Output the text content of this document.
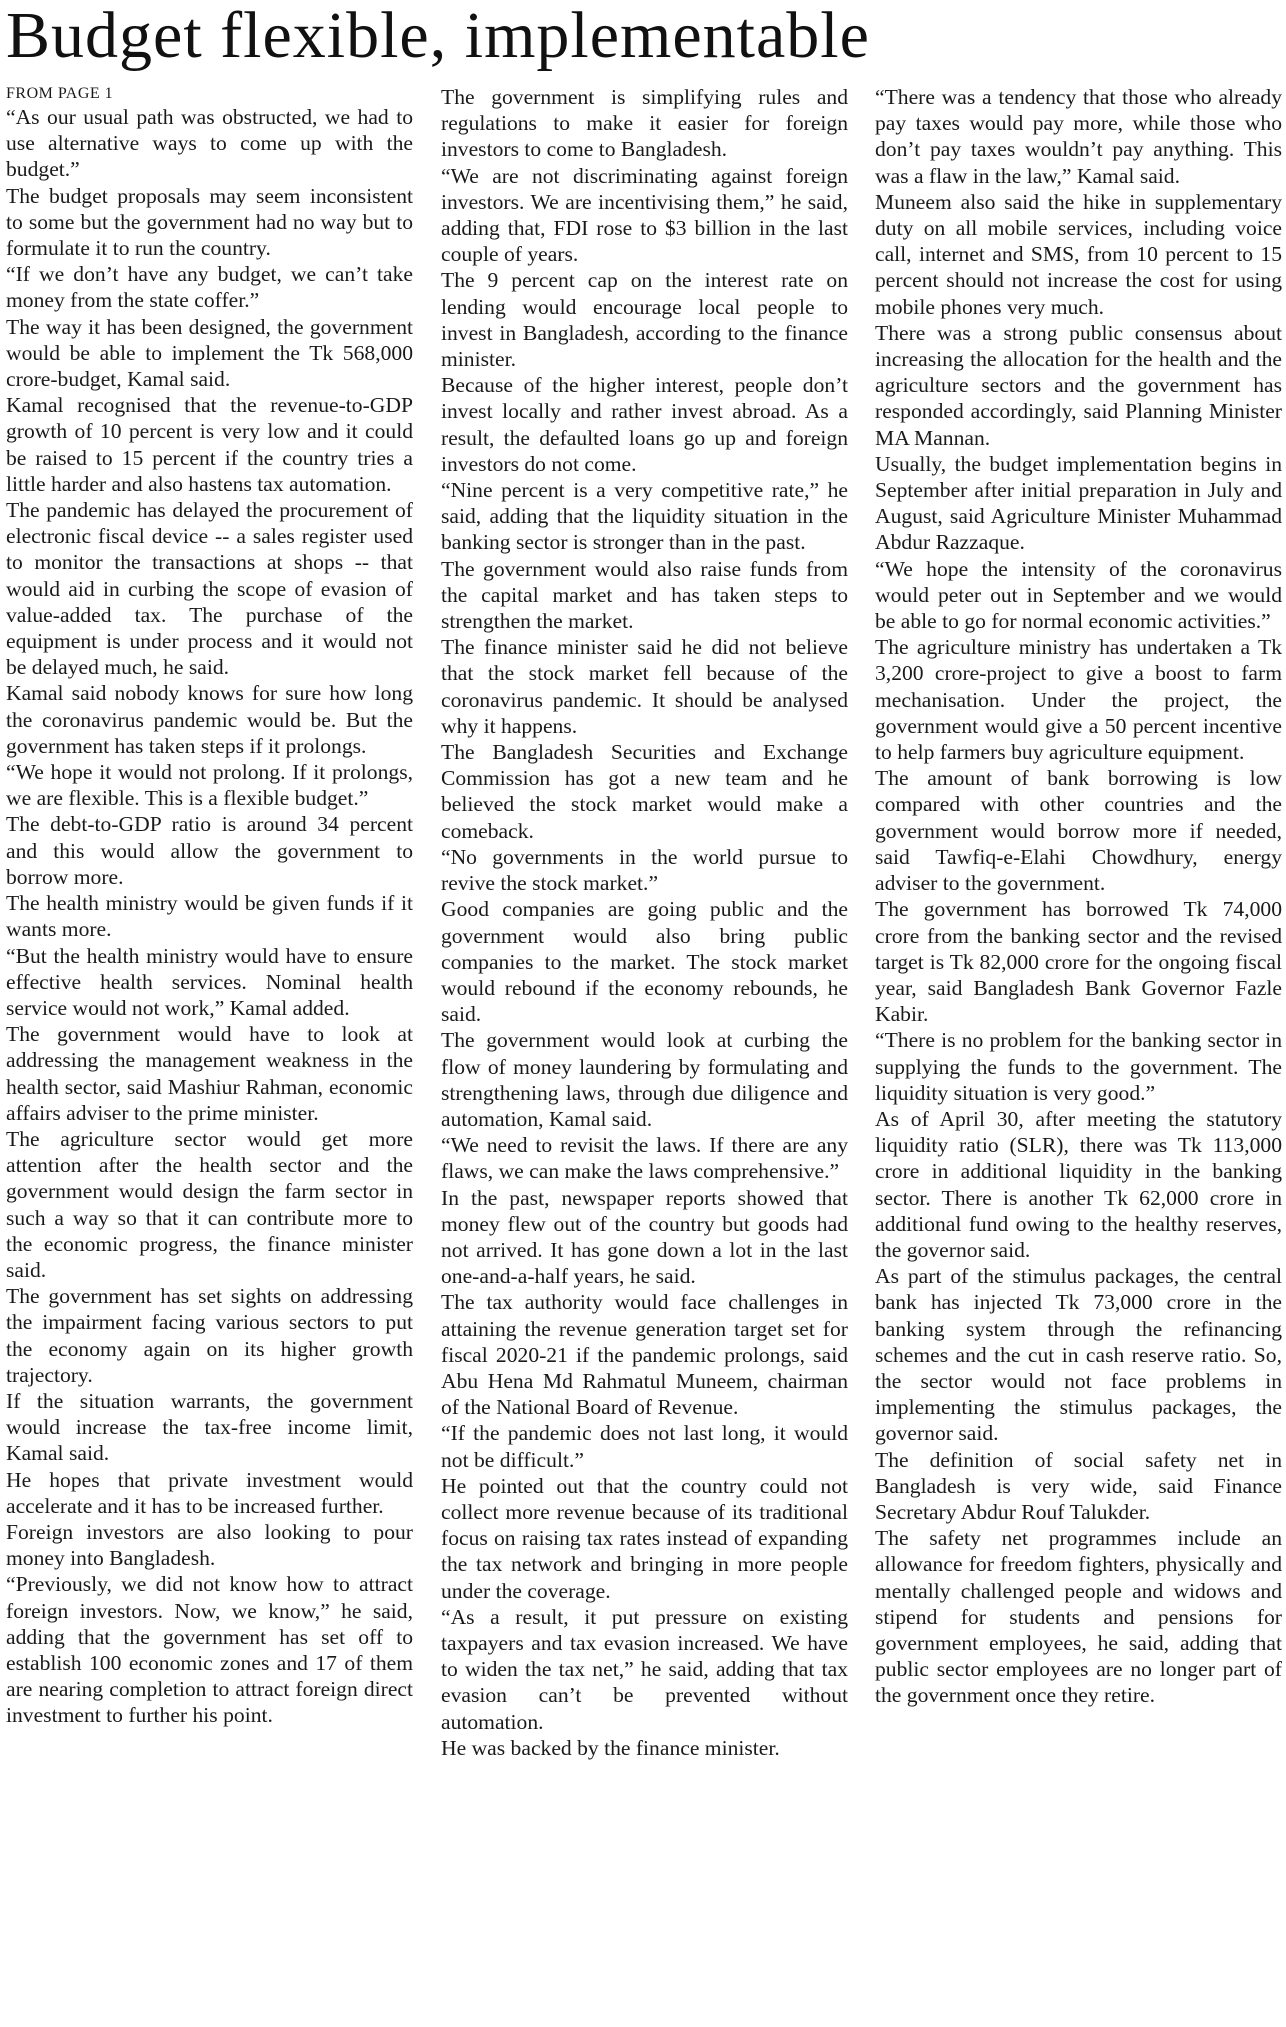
Budget flexible, implementable

FROM PAGE 1

“As our usual path was obstructed, we had to use alternative ways to come up with the budget.”

The budget proposals may seem inconsistent to some but the government had no way but to formulate it to run the country.

“If we don’t have any budget, we can’t take money from the state coffer.”

The way it has been designed, the government would be able to implement the Tk 568,000 crore-budget, Kamal said.

Kamal recognised that the revenue-to-GDP growth of 10 percent is very low and it could be raised to 15 percent if the country tries a little harder and also hastens tax automation.

The pandemic has delayed the procurement of electronic fiscal device -- a sales register used to monitor the transactions at shops -- that would aid in curbing the scope of evasion of value-added tax. The purchase of the equipment is under process and it would not be delayed much, he said.

Kamal said nobody knows for sure how long the coronavirus pandemic would be. But the government has taken steps if it prolongs.

“We hope it would not prolong. If it prolongs, we are flexible. This is a flexible budget.”

The debt-to-GDP ratio is around 34 percent and this would allow the government to borrow more.

The health ministry would be given funds if it wants more.

“But the health ministry would have to ensure effective health services. Nominal health service would not work,” Kamal added.

The government would have to look at addressing the management weakness in the health sector, said Mashiur Rahman, economic affairs adviser to the prime minister.

The agriculture sector would get more attention after the health sector and the government would design the farm sector in such a way so that it can contribute more to the economic progress, the finance minister said.

The government has set sights on addressing the impairment facing various sectors to put the economy again on its higher growth trajectory.

If the situation warrants, the government would increase the tax-free income limit, Kamal said.

He hopes that private investment would accelerate and it has to be increased further.

Foreign investors are also looking to pour money into Bangladesh.

“Previously, we did not know how to attract foreign investors. Now, we know,” he said, adding that the government has set off to establish 100 economic zones and 17 of them are nearing completion to attract foreign direct investment to further his point.

The government is simplifying rules and regulations to make it easier for foreign investors to come to Bangladesh.

“We are not discriminating against foreign investors. We are incentivising them,” he said, adding that, FDI rose to $3 billion in the last couple of years.

The 9 percent cap on the interest rate on lending would encourage local people to invest in Bangladesh, according to the finance minister.

Because of the higher interest, people don’t invest locally and rather invest abroad. As a result, the defaulted loans go up and foreign investors do not come.

“Nine percent is a very competitive rate,” he said, adding that the liquidity situation in the banking sector is stronger than in the past.

The government would also raise funds from the capital market and has taken steps to strengthen the market.

The finance minister said he did not believe that the stock market fell because of the coronavirus pandemic. It should be analysed why it happens.

The Bangladesh Securities and Exchange Commission has got a new team and he believed the stock market would make a comeback.

“No governments in the world pursue to revive the stock market.”

Good companies are going public and the government would also bring public companies to the market. The stock market would rebound if the economy rebounds, he said.

The government would look at curbing the flow of money laundering by formulating and strengthening laws, through due diligence and automation, Kamal said.

“We need to revisit the laws. If there are any flaws, we can make the laws comprehensive.”

In the past, newspaper reports showed that money flew out of the country but goods had not arrived. It has gone down a lot in the last one-and-a-half years, he said.

The tax authority would face challenges in attaining the revenue generation target set for fiscal 2020-21 if the pandemic prolongs, said Abu Hena Md Rahmatul Muneem, chairman of the National Board of Revenue.

“If the pandemic does not last long, it would not be difficult.”

He pointed out that the country could not collect more revenue because of its traditional focus on raising tax rates instead of expanding the tax network and bringing in more people under the coverage.

“As a result, it put pressure on existing taxpayers and tax evasion increased. We have to widen the tax net,” he said, adding that tax evasion can’t be prevented without automation.

He was backed by the finance minister.

“There was a tendency that those who already pay taxes would pay more, while those who don’t pay taxes wouldn’t pay anything. This was a flaw in the law,” Kamal said.

Muneem also said the hike in supplementary duty on all mobile services, including voice call, internet and SMS, from 10 percent to 15 percent should not increase the cost for using mobile phones very much.

There was a strong public consensus about increasing the allocation for the health and the agriculture sectors and the government has responded accordingly, said Planning Minister MA Mannan.

Usually, the budget implementation begins in September after initial preparation in July and August, said Agriculture Minister Muhammad Abdur Razzaque.

“We hope the intensity of the coronavirus would peter out in September and we would be able to go for normal economic activities.”

The agriculture ministry has undertaken a Tk 3,200 crore-project to give a boost to farm mechanisation. Under the project, the government would give a 50 percent incentive to help farmers buy agriculture equipment.

The amount of bank borrowing is low compared with other countries and the government would borrow more if needed, said Tawfiq-e-Elahi Chowdhury, energy adviser to the government.

The government has borrowed Tk 74,000 crore from the banking sector and the revised target is Tk 82,000 crore for the ongoing fiscal year, said Bangladesh Bank Governor Fazle Kabir.

“There is no problem for the banking sector in supplying the funds to the government. The liquidity situation is very good.”

As of April 30, after meeting the statutory liquidity ratio (SLR), there was Tk 113,000 crore in additional liquidity in the banking sector. There is another Tk 62,000 crore in additional fund owing to the healthy reserves, the governor said.

As part of the stimulus packages, the central bank has injected Tk 73,000 crore in the banking system through the refinancing schemes and the cut in cash reserve ratio. So, the sector would not face problems in implementing the stimulus packages, the governor said.

The definition of social safety net in Bangladesh is very wide, said Finance Secretary Abdur Rouf Talukder.

The safety net programmes include an allowance for freedom fighters, physically and mentally challenged people and widows and stipend for students and pensions for government employees, he said, adding that public sector employees are no longer part of the government once they retire.
